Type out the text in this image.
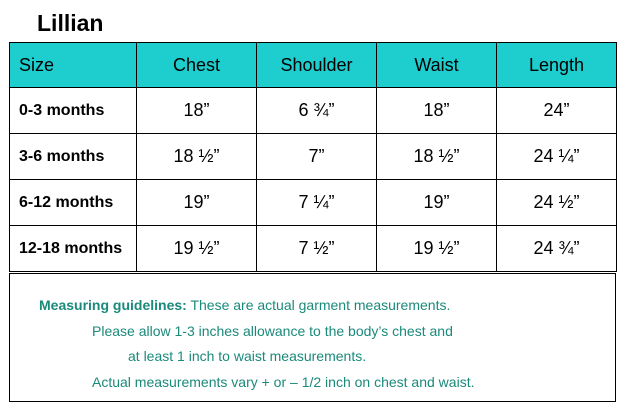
Lillian
Size	Chest	Shoulder	Waist	Length
0-3 months	18”	6 ¾”	18”	24”
3-6 months	18 ½”	7”	18 ½”	24 ¼”
6-12 months	19”	7 ¼”	19”	24 ½”
12-18 months	19 ½”	7 ½”	19 ½”	24 ¾”
Measuring guidelines: These are actual garment measurements.
Please allow 1-3 inches allowance to the body’s chest and
at least 1 inch to waist measurements.
Actual measurements vary + or – 1/2 inch on chest and waist.
